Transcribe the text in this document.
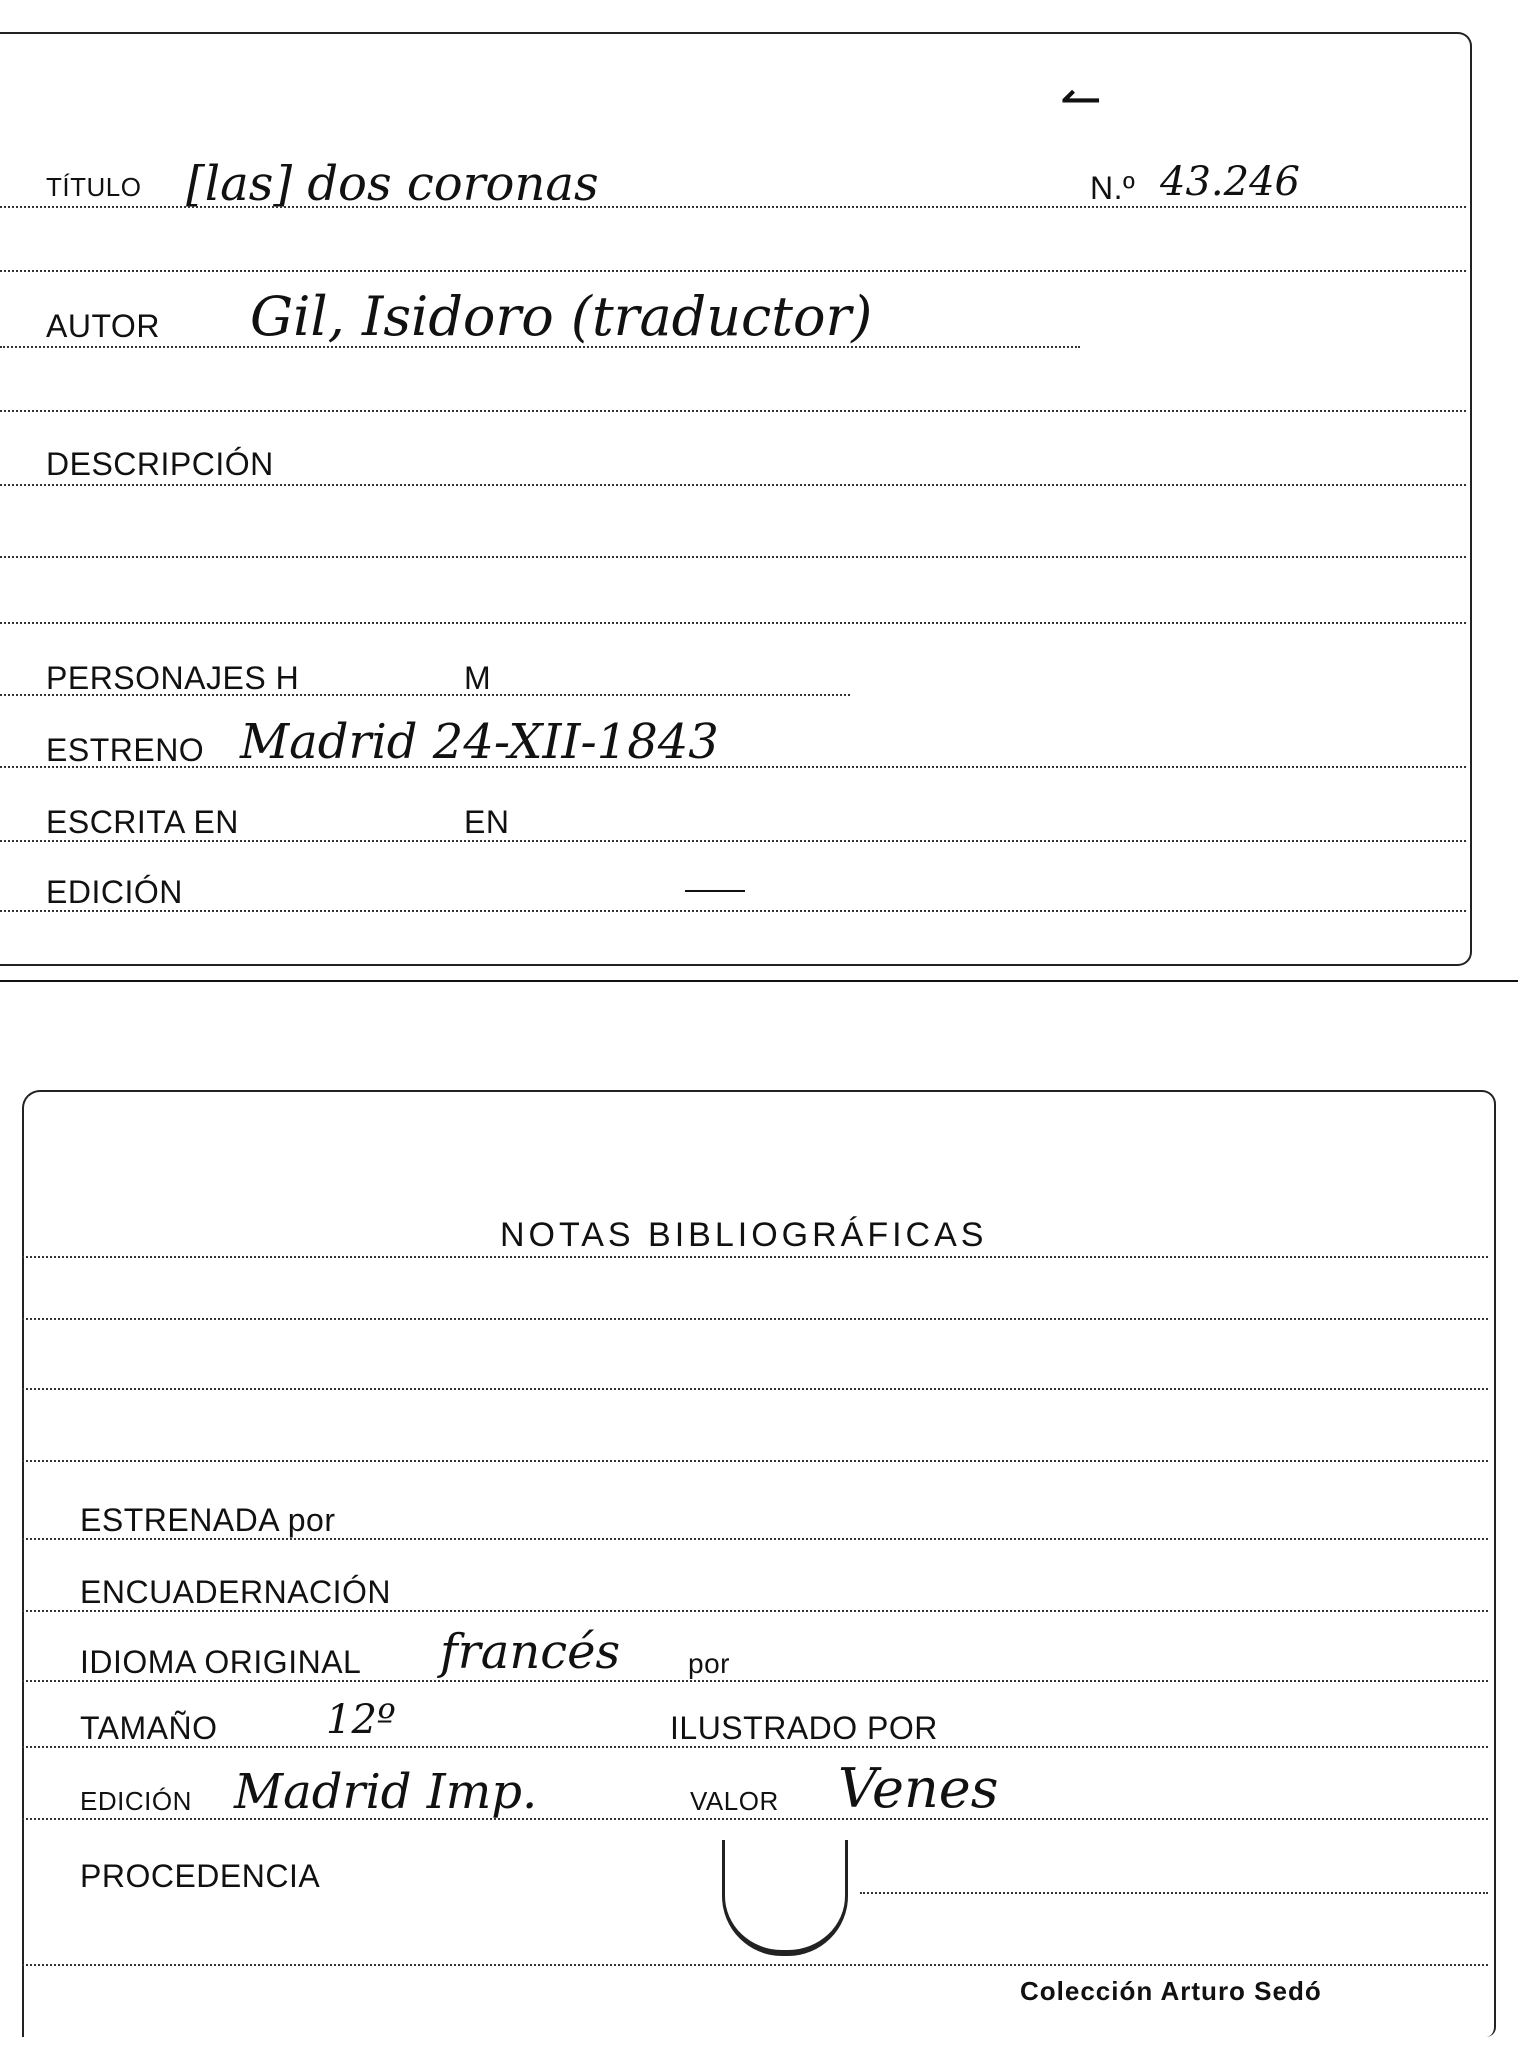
↼
TÍTULO [las] dos coronas	N.º 43.246
AUTOR Gil, Isidoro (traductor)
DESCRIPCIÓN
PERSONAJES H	M
ESTRENO Madrid 24-XII-1843
ESCRITA EN	EN
EDICIÓN
NOTAS BIBLIOGRÁFICAS
ESTRENADA por
ENCUADERNACIÓN
IDIOMA ORIGINAL francés por
TAMAÑO	12º	ILUSTRADO POR
EDICIÓN Madrid Imp.	VALOR Venes
PROCEDENCIA
Colección Arturo Sedó
